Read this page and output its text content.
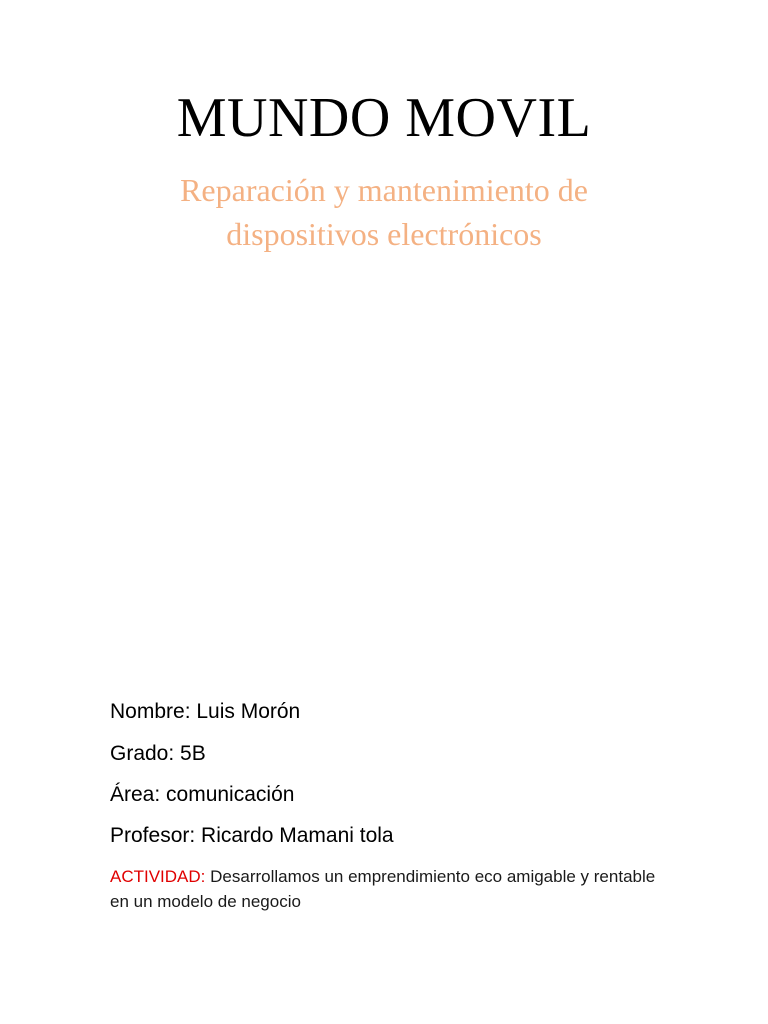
MUNDO MOVIL
Reparación y mantenimiento de
dispositivos electrónicos

Nombre: Luis Morón

Grado: 5B

Área: comunicación

Profesor: Ricardo Mamani tola

ACTIVIDAD: Desarrollamos un emprendimiento eco amigable y rentable en un modelo de negocio
